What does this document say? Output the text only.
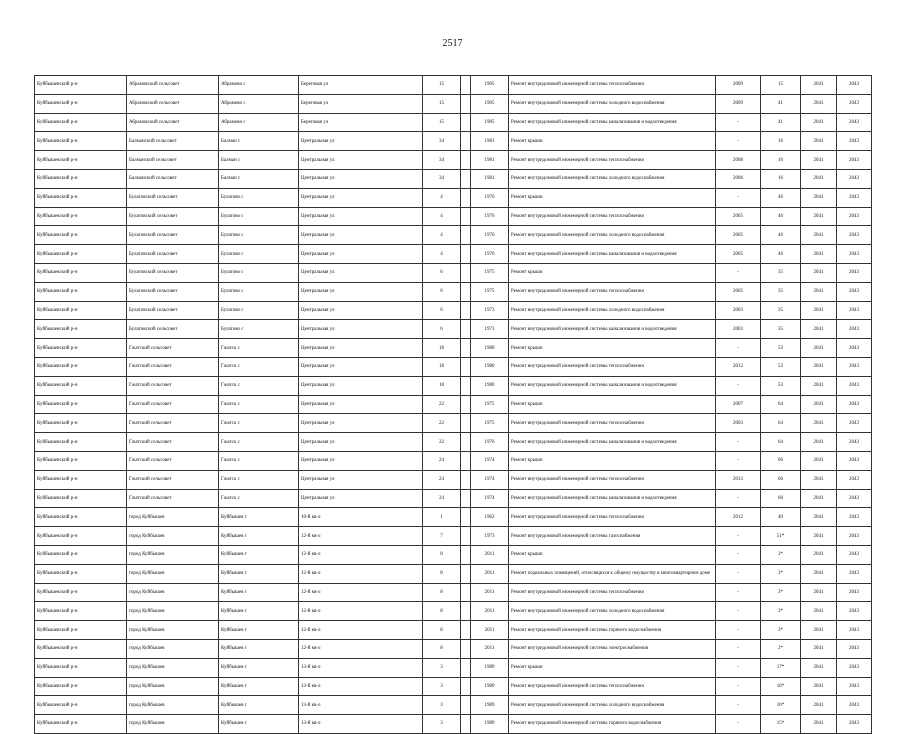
2517
Куйбышевский р-н	Абрамовский сельсовет	Абрамово с	Береговая ул	15		1905	Ремонт внутридомовой инженерной системы теплоснабжения	2009	15	2041	2043
Куйбышевский р-н	Абрамовский сельсовет	Абрамово с	Береговая ул	15		1905	Ремонт внутридомовой инженерной системы холодного водоснабжения	2009	41	2041	2043
Куйбышевский р-н	Абрамовский сельсовет	Абрамово с	Береговая ул	15		1905	Ремонт внутридомовой инженерной системы канализования и водоотведения	-	41	2041	2043
Куйбышевский р-н	Балманский сельсовет	Балман с	Центральная ул	34		1981	Ремонт крыши	-	16	2041	2043
Куйбышевский р-н	Балманский сельсовет	Балман с	Центральная ул	34		1981	Ремонт внутридомовой инженерной системы теплоснабжения	2008	16	2041	2043
Куйбышевский р-н	Балманский сельсовет	Балман с	Центральная ул	34		1981	Ремонт внутридомовой инженерной системы холодного водоснабжения	2006	16	2041	2043
Куйбышевский р-н	Булатовский сельсовет	Булатово с	Центральная ул	4		1976	Ремонт крыши	-	46	2041	2043
Куйбышевский р-н	Булатовский сельсовет	Булатово с	Центральная ул	4		1976	Ремонт внутридомовой инженерной системы теплоснабжения	2005	46	2041	2043
Куйбышевский р-н	Булатовский сельсовет	Булатово с	Центральная ул	4		1976	Ремонт внутридомовой инженерной системы холодного водоснабжения	2005	46	2041	2043
Куйбышевский р-н	Булатовский сельсовет	Булатово с	Центральная ул	4		1976	Ремонт внутридомовой инженерной системы канализования и водоотведения	2005	46	2041	2043
Куйбышевский р-н	Булатовский сельсовет	Булатово с	Центральная ул	6		1975	Ремонт крыши	-	35	2041	2043
Куйбышевский р-н	Булатовский сельсовет	Булатово с	Центральная ул	6		1975	Ремонт внутридомовой инженерной системы теплоснабжения	2005	35	2041	2043
Куйбышевский р-н	Булатовский сельсовет	Булатово с	Центральная ул	6		1973	Ремонт внутридомовой инженерной системы холодного водоснабжения	2003	35	2041	2043
Куйбышевский р-н	Булатовский сельсовет	Булатово с	Центральная ул	6		1973	Ремонт внутридомовой инженерной системы канализования и водоотведения	2003	35	2041	2043
Куйбышевский р-н	Гжатский сельсовет	Гжатск с	Центральная ул	18		1980	Ремонт крыши	-	53	2041	2043
Куйбышевский р-н	Гжатский сельсовет	Гжатск с	Центральная ул	18		1980	Ремонт внутридомовой инженерной системы теплоснабжения	2012	53	2041	2043
Куйбышевский р-н	Гжатский сельсовет	Гжатск с	Центральная ул	18		1980	Ремонт внутридомовой инженерной системы канализования и водоотведения	-	53	2041	2043
Куйбышевский р-н	Гжатский сельсовет	Гжатск с	Центральная ул	22		1975	Ремонт крыши	2007	64	2041	2043
Куйбышевский р-н	Гжатский сельсовет	Гжатск с	Центральная ул	22		1975	Ремонт внутридомовой инженерной системы теплоснабжения	2003	64	2041	2043
Куйбышевский р-н	Гжатский сельсовет	Гжатск с	Центральная ул	22		1976	Ремонт внутридомовой инженерной системы канализования и водоотведения	-	64	2041	2043
Куйбышевский р-н	Гжатский сельсовет	Гжатск с	Центральная ул	24		1974	Ремонт крыши	-	66	2041	2043
Куйбышевский р-н	Гжатский сельсовет	Гжатск с	Центральная ул	24		1974	Ремонт внутридомовой инженерной системы теплоснабжения	2013	66	2041	2043
Куйбышевский р-н	Гжатский сельсовет	Гжатск с	Центральная ул	24		1974	Ремонт внутридомовой инженерной системы канализования и водоотведения	-	66	2041	2043
Куйбышевский р-н	город Куйбышев	Куйбышев г	10-й кв-л	1		1962	Ремонт внутридомовой инженерной системы теплоснабжения	2012	40	2041	2043
Куйбышевский р-н	город Куйбышев	Куйбышев г	12-й кв-л	7		1973	Ремонт внутридомовой инженерной системы газоснабжения	-	51*	2041	2043
Куйбышевский р-н	город Куйбышев	Куйбышев г	12-й кв-л	8		2011	Ремонт крыши	-	3*	2041	2043
Куйбышевский р-н	город Куйбышев	Куйбышев г	12-й кв-л	8		2011	Ремонт подвальных помещений, относящихся к общему имуществу в многоквартирном доме	-	3*	2041	2043
Куйбышевский р-н	город Куйбышев	Куйбышев г	12-й кв-л	8		2011	Ремонт внутридомовой инженерной системы теплоснабжения	-	3*	2041	2043
Куйбышевский р-н	город Куйбышев	Куйбышев г	12-й кв-л	8		2011	Ремонт внутридомовой инженерной системы холодного водоснабжения	-	3*	2041	2043
Куйбышевский р-н	город Куйбышев	Куйбышев г	12-й кв-л	8		2011	Ремонт внутридомовой инженерной системы горячего водоснабжения	-	3*	2041	2043
Куйбышевский р-н	город Куйбышев	Куйбышев г	12-й кв-л	8		2011	Ремонт внутридомовой инженерной системы электроснабжения	-	2*	2041	2043
Куйбышевский р-н	город Куйбышев	Куйбышев г	13-й кв-л	3		1989	Ремонт крыши	-	17*	2041	2043
Куйбышевский р-н	город Куйбышев	Куйбышев г	13-й кв-л	3		1989	Ремонт внутридомовой инженерной системы теплоснабжения	-	16*	2041	2043
Куйбышевский р-н	город Куйбышев	Куйбышев г	13-й кв-л	3		1989	Ремонт внутридомовой инженерной системы холодного водоснабжения	-	16*	2041	2043
Куйбышевский р-н	город Куйбышев	Куйбышев г	13-й кв-л	3		1989	Ремонт внутридомовой инженерной системы горячего водоснабжения	-	15*	2041	2043
